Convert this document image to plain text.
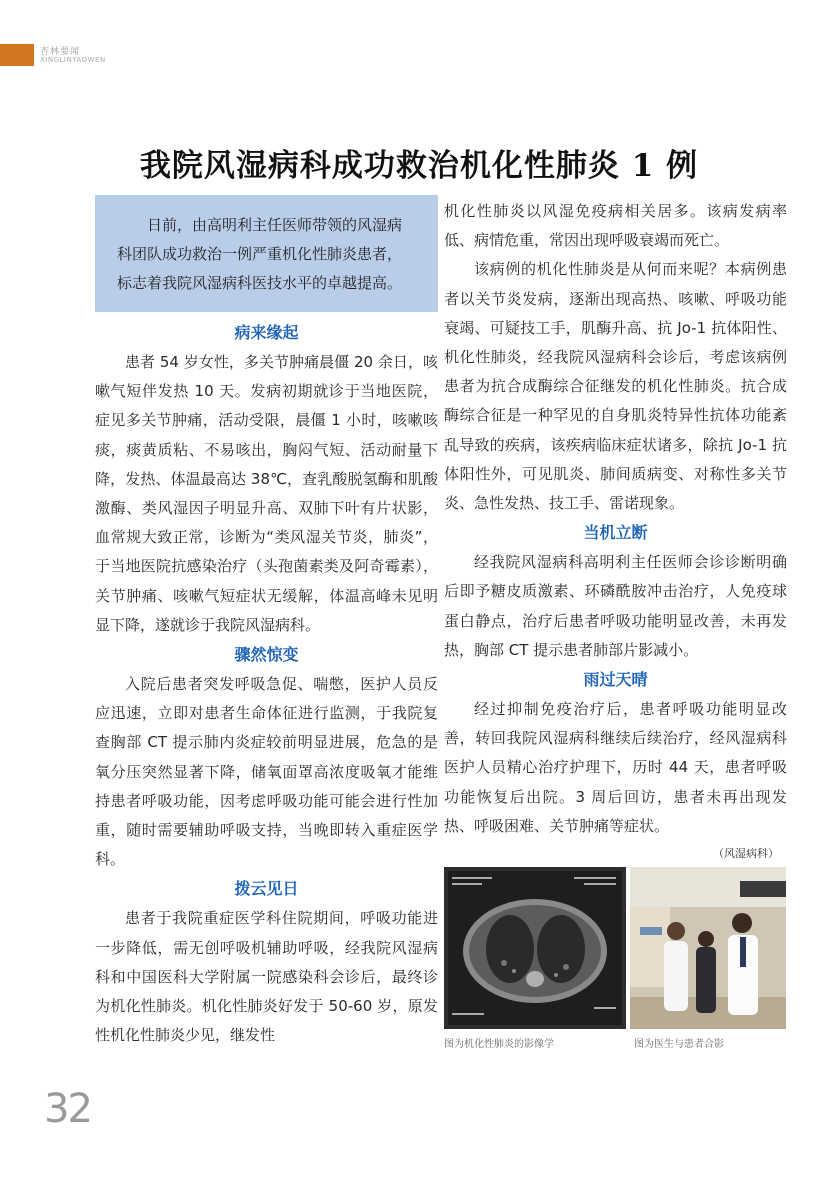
杏林要闻
XINGLINYAOWEN
我院风湿病科成功救治机化性肺炎 1 例

日前，由高明利主任医师带领的风湿病科团队成功救治一例严重机化性肺炎患者，标志着我院风湿病科医技水平的卓越提高。

病来缘起

患者 54 岁女性，多关节肿痛晨僵 20 余日，咳嗽气短伴发热 10 天。发病初期就诊于当地医院，症见多关节肿痛，活动受限，晨僵 1 小时，咳嗽咳痰，痰黄质粘、不易咳出，胸闷气短、活动耐量下降，发热、体温最高达 38℃，查乳酸脱氢酶和肌酸激酶、类风湿因子明显升高、双肺下叶有片状影，血常规大致正常，诊断为“类风湿关节炎，肺炎”，于当地医院抗感染治疗（头孢菌素类及阿奇霉素），关节肿痛、咳嗽气短症状无缓解，体温高峰未见明显下降，遂就诊于我院风湿病科。

骤然惊变

入院后患者突发呼吸急促、喘憋，医护人员反应迅速，立即对患者生命体征进行监测，于我院复查胸部 CT 提示肺内炎症较前明显进展，危急的是氧分压突然显著下降，储氧面罩高浓度吸氧才能维持患者呼吸功能，因考虑呼吸功能可能会进行性加重，随时需要辅助呼吸支持，当晚即转入重症医学科。

拨云见日

患者于我院重症医学科住院期间，呼吸功能进一步降低，需无创呼吸机辅助呼吸，经我院风湿病科和中国医科大学附属一院感染科会诊后，最终诊为机化性肺炎。机化性肺炎好发于 50-60 岁，原发性机化性肺炎少见，继发性

机化性肺炎以风湿免疫病相关居多。该病发病率低、病情危重，常因出现呼吸衰竭而死亡。

该病例的机化性肺炎是从何而来呢？本病例患者以关节炎发病，逐渐出现高热、咳嗽、呼吸功能衰竭、可疑技工手，肌酶升高、抗 Jo-1 抗体阳性、机化性肺炎，经我院风湿病科会诊后，考虑该病例患者为抗合成酶综合征继发的机化性肺炎。抗合成酶综合征是一种罕见的自身肌炎特异性抗体功能紊乱导致的疾病，该疾病临床症状诸多，除抗 Jo-1 抗体阳性外，可见肌炎、肺间质病变、对称性多关节炎、急性发热、技工手、雷诺现象。

当机立断

经我院风湿病科高明利主任医师会诊诊断明确后即予糖皮质激素、环磷酰胺冲击治疗，人免疫球蛋白静点，治疗后患者呼吸功能明显改善，未再发热，胸部 CT 提示患者肺部片影减小。

雨过天晴

经过抑制免疫治疗后，患者呼吸功能明显改善，转回我院风湿病科继续后续治疗，经风湿病科医护人员精心治疗护理下，历时 44 天，患者呼吸功能恢复后出院。3 周后回访，患者未再出现发热、呼吸困难、关节肿痛等症状。

（风湿病科）
图为机化性肺炎的影像学	图为医生与患者合影
32
